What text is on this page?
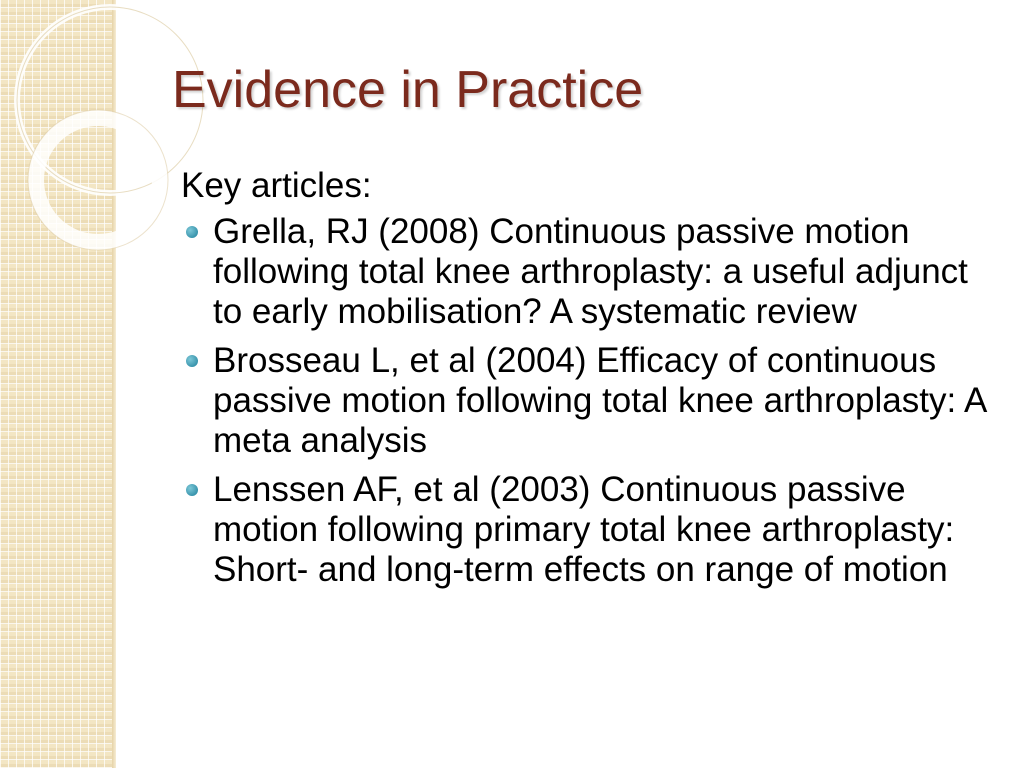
Evidence in Practice

Key articles:

Grella, RJ (2008) Continuous passive motion following total knee arthroplasty: a useful adjunct to early mobilisation? A systematic review
Brosseau L, et al (2004) Efficacy of continuous passive motion following total knee arthroplasty: A meta analysis
Lenssen AF, et al (2003) Continuous passive motion following primary total knee arthroplasty: Short- and long-term effects on range of motion
